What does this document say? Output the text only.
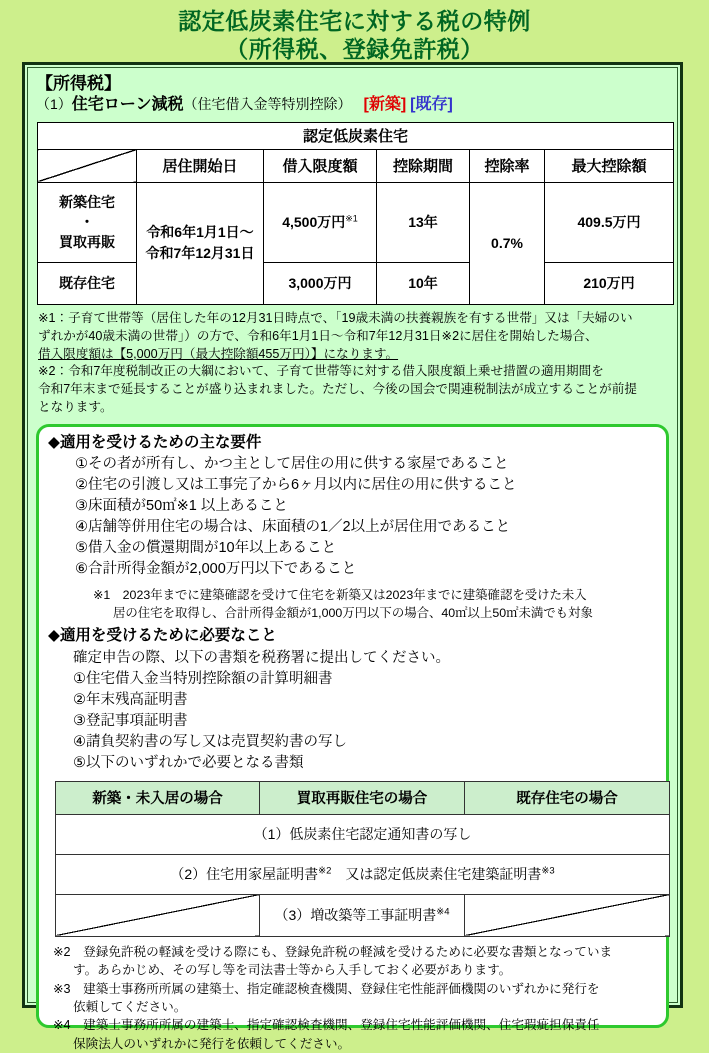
認定低炭素住宅に対する税の特例
（所得税、登録免許税）
【所得税】
（1）住宅ローン減税（住宅借入金等特別控除） [新築] [既存]
認定低炭素住宅					
	居住開始日	借入限度額	控除期間	控除率	最大控除額

新築住宅
・
買取再販

令和6年1月1日～
令和7年12月31日
	4,500万円$^{※1}$	13年	0.7%	409.5万円
既存住宅		3,000万円	10年		210万円

※1：子育て世帯等（居住した年の12月31日時点で、「19歳未満の扶養親族を有する世帯」又は「夫婦のい

ずれかが40歳未満の世帯」）の方で、令和6年1月1日～令和7年12月31日※2に居住を開始した場合、

借入限度額は【5,000万円（最大控除額455万円）】になります。

※2：令和7年度税制改正の大綱において、子育て世帯等に対する借入限度額上乗せ措置の適用期間を

令和7年末まで延長することが盛り込まれました。ただし、今後の国会で関連税制法が成立することが前提

となります。

◆適用を受けるための主な要件
①その者が所有し、かつ主として居住の用に供する家屋であること
②住宅の引渡し又は工事完了から6ヶ月以内に居住の用に供すること
③床面積が50㎡※1 以上あること
④店舗等併用住宅の場合は、床面積の1／2以上が居住用であること
⑤借入金の償還期間が10年以上あること
⑥合計所得金額が2,000万円以下であること
※1　2023年までに建築確認を受けて住宅を新築又は2023年までに建築確認を受けた未入
居の住宅を取得し、合計所得金額が1,000万円以下の場合、40㎡以上50㎡未満でも対象
◆適用を受けるために必要なこと
確定申告の際、以下の書類を税務署に提出してください。
①住宅借入金当特別控除額の計算明細書
②年末残高証明書
③登記事項証明書
④請負契約書の写し又は売買契約書の写し
⑤以下のいずれかで必要となる書類
新築・未入居の場合	買取再販住宅の場合	既存住宅の場合
（1）低炭素住宅認定通知書の写し		
（2）住宅用家屋証明書$^{※2}$　又は認定低炭素住宅建築証明書$^{※3}$
	（3）増改築等工事証明書$^{※4}$	

※2　登録免許税の軽減を受ける際にも、登録免許税の軽減を受けるために必要な書類となっていま

す。あらかじめ、その写し等を司法書士等から入手しておく必要があります。

※3　建築士事務所所属の建築士、指定確認検査機関、登録住宅性能評価機関のいずれかに発行を

依頼してください。

※4　建築士事務所所属の建築士、指定確認検査機関、登録住宅性能評価機関、住宅瑕疵担保責任

保険法人のいずれかに発行を依頼してください。
